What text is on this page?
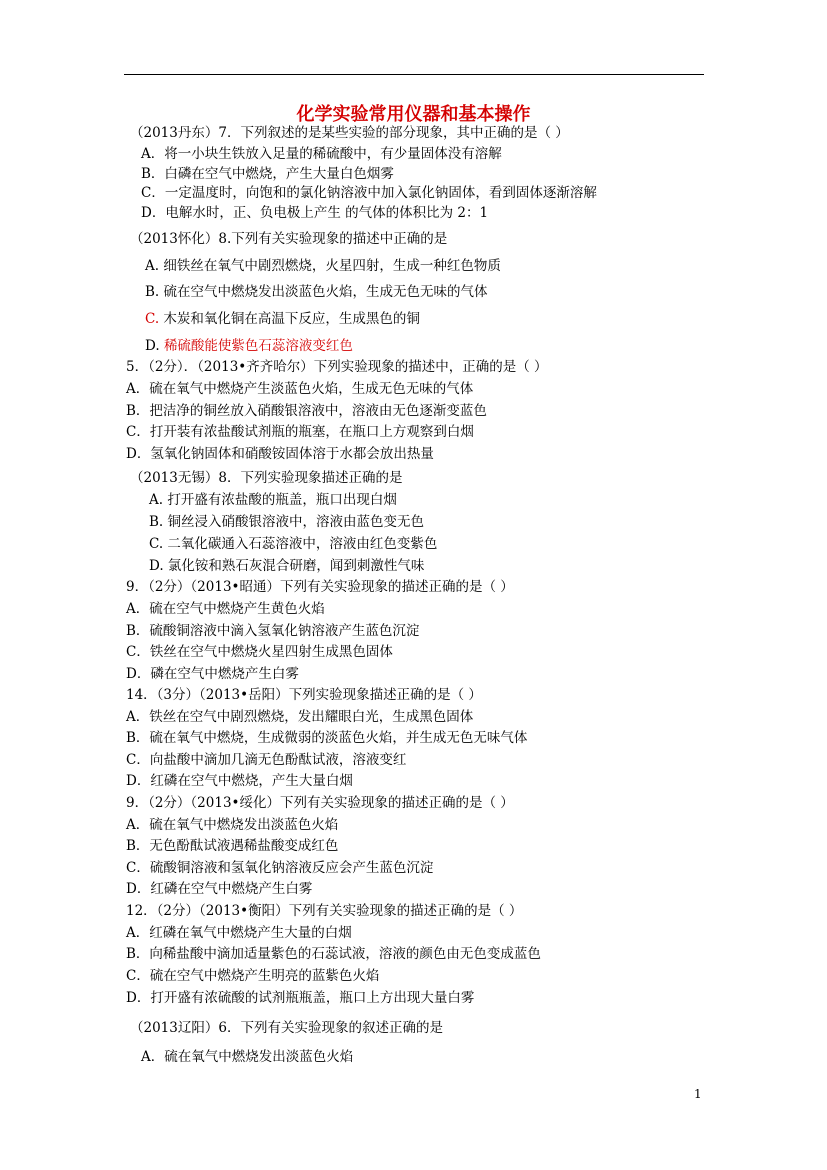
化学实验常用仪器和基本操作
（2013丹东）7．下列叙述的是某些实验的部分现象，其中正确的是（ ）
A．将一小块生铁放入足量的稀硫酸中，有少量固体没有溶解
B．白磷在空气中燃烧，产生大量白色烟雾
C．一定温度时，向饱和的氯化钠溶液中加入氯化钠固体，看到固体逐渐溶解
D．电解水时，正、负电极上产生 的气体的体积比为 2：1
（2013怀化）8.下列有关实验现象的描述中正确的是
A. 细铁丝在氧气中剧烈燃烧，火星四射，生成一种红色物质
B. 硫在空气中燃烧发出淡蓝色火焰，生成无色无味的气体
C. 木炭和氧化铜在高温下反应，生成黑色的铜
D. 稀硫酸能使紫色石蕊溶液变红色
5．（2分）．（2013•齐齐哈尔）下列实验现象的描述中，正确的是（ ）
A．硫在氧气中燃烧产生淡蓝色火焰，生成无色无味的气体
B．把洁净的铜丝放入硝酸银溶液中，溶液由无色逐渐变蓝色
C．打开装有浓盐酸试剂瓶的瓶塞，在瓶口上方观察到白烟
D．氢氧化钠固体和硝酸铵固体溶于水都会放出热量
（2013无锡）8．下列实验现象描述正确的是
A. 打开盛有浓盐酸的瓶盖，瓶口出现白烟
B. 铜丝浸入硝酸银溶液中，溶液由蓝色变无色
C. 二氧化碳通入石蕊溶液中，溶液由红色变紫色
D. 氯化铵和熟石灰混合研磨，闻到刺激性气味
9．（2分）（2013•昭通）下列有关实验现象的描述正确的是（ ）
A．硫在空气中燃烧产生黄色火焰
B．硫酸铜溶液中滴入氢氧化钠溶液产生蓝色沉淀
C．铁丝在空气中燃烧火星四射生成黑色固体
D．磷在空气中燃烧产生白雾
14．（3分）（2013•岳阳）下列实验现象描述正确的是（ ）
A．铁丝在空气中剧烈燃烧，发出耀眼白光，生成黑色固体
B．硫在氧气中燃烧，生成微弱的淡蓝色火焰，并生成无色无味气体
C．向盐酸中滴加几滴无色酚酞试液，溶液变红
D．红磷在空气中燃烧，产生大量白烟
9．（2分）（2013•绥化）下列有关实验现象的描述正确的是（ ）
A．硫在氧气中燃烧发出淡蓝色火焰
B．无色酚酞试液遇稀盐酸变成红色
C．硫酸铜溶液和氢氧化钠溶液反应会产生蓝色沉淀
D．红磷在空气中燃烧产生白雾
12．（2分）（2013•衡阳）下列有关实验现象的描述正确的是（ ）
A．红磷在氧气中燃烧产生大量的白烟
B．向稀盐酸中滴加适量紫色的石蕊试液，溶液的颜色由无色变成蓝色
C．硫在空气中燃烧产生明亮的蓝紫色火焰
D．打开盛有浓硫酸的试剂瓶瓶盖，瓶口上方出现大量白雾
（2013辽阳）6．下列有关实验现象的叙述正确的是
A．硫在氧气中燃烧发出淡蓝色火焰
1
